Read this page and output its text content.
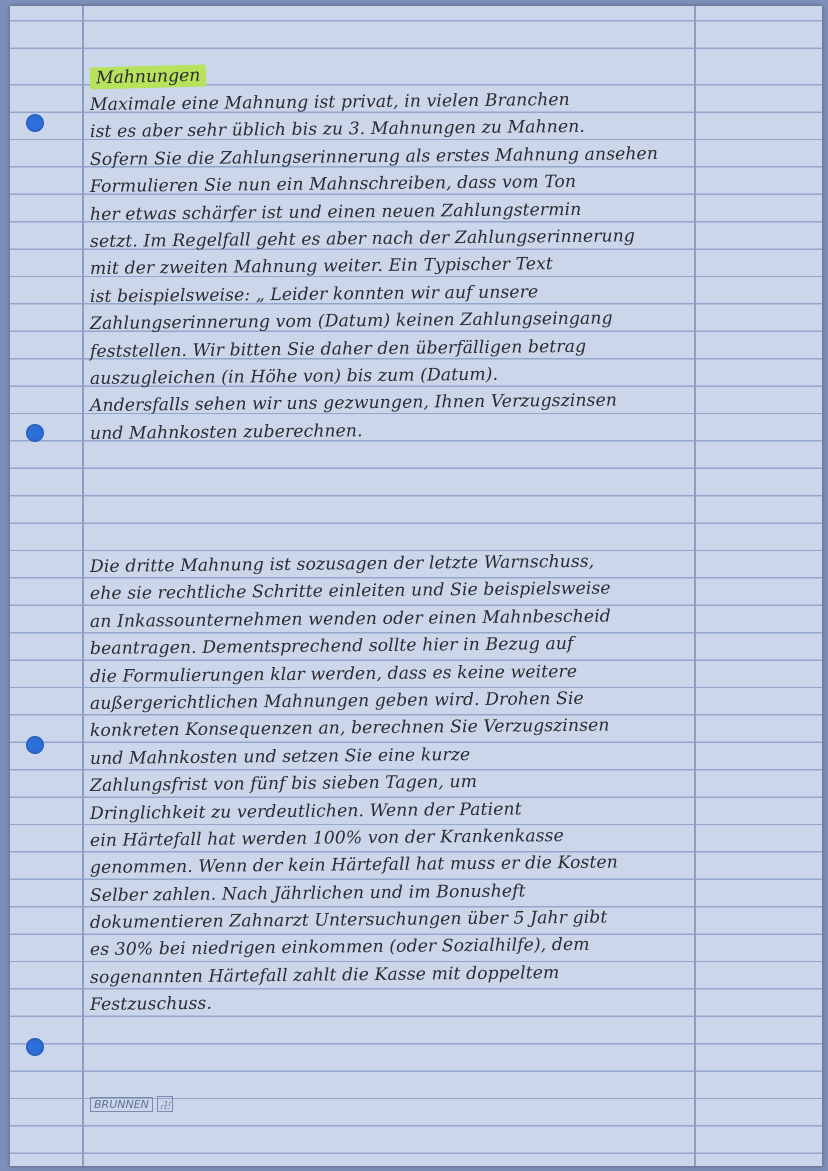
Mahnungen
Maximale eine Mahnung ist privat, in vielen Branchen
ist es aber sehr üblich bis zu 3. Mahnungen zu Mahnen.
Sofern Sie die Zahlungserinnerung als erstes Mahnung ansehen
Formulieren Sie nun ein Mahnschreiben, dass vom Ton
her etwas schärfer ist und einen neuen Zahlungstermin
setzt. Im Regelfall geht es aber nach der Zahlungserinnerung
mit der zweiten Mahnung weiter. Ein Typischer Text
ist beispielsweise: „ Leider konnten wir auf unsere
Zahlungserinnerung vom (Datum) keinen Zahlungseingang
feststellen. Wir bitten Sie daher den überfälligen betrag
auszugleichen (in Höhe von) bis zum (Datum).
Andersfalls sehen wir uns gezwungen, Ihnen Verzugszinsen
und Mahnkosten zuberechnen.
Die dritte Mahnung ist sozusagen der letzte Warnschuss,
ehe sie rechtliche Schritte einleiten und Sie beispielsweise
an Inkassounternehmen wenden oder einen Mahnbescheid
beantragen. Dementsprechend sollte hier in Bezug auf
die Formulierungen klar werden, dass es keine weitere
außergerichtlichen Mahnungen geben wird. Drohen Sie
konkreten Konsequenzen an, berechnen Sie Verzugszinsen
und Mahnkosten und setzen Sie eine kurze
Zahlungsfrist von fünf bis sieben Tagen, um
Dringlichkeit zu verdeutlichen. Wenn der Patient
ein Härtefall hat werden 100% von der Krankenkasse
genommen. Wenn der kein Härtefall hat muss er die Kosten
Selber zahlen. Nach Jährlichen und im Bonusheft
dokumentieren Zahnarzt Untersuchungen über 5 Jahr gibt
es 30% bei niedrigen einkommen (oder Sozialhilfe), dem
sogenannten Härtefall zahlt die Kasse mit doppeltem
Festzuschuss.
BRUNNEN	卍
